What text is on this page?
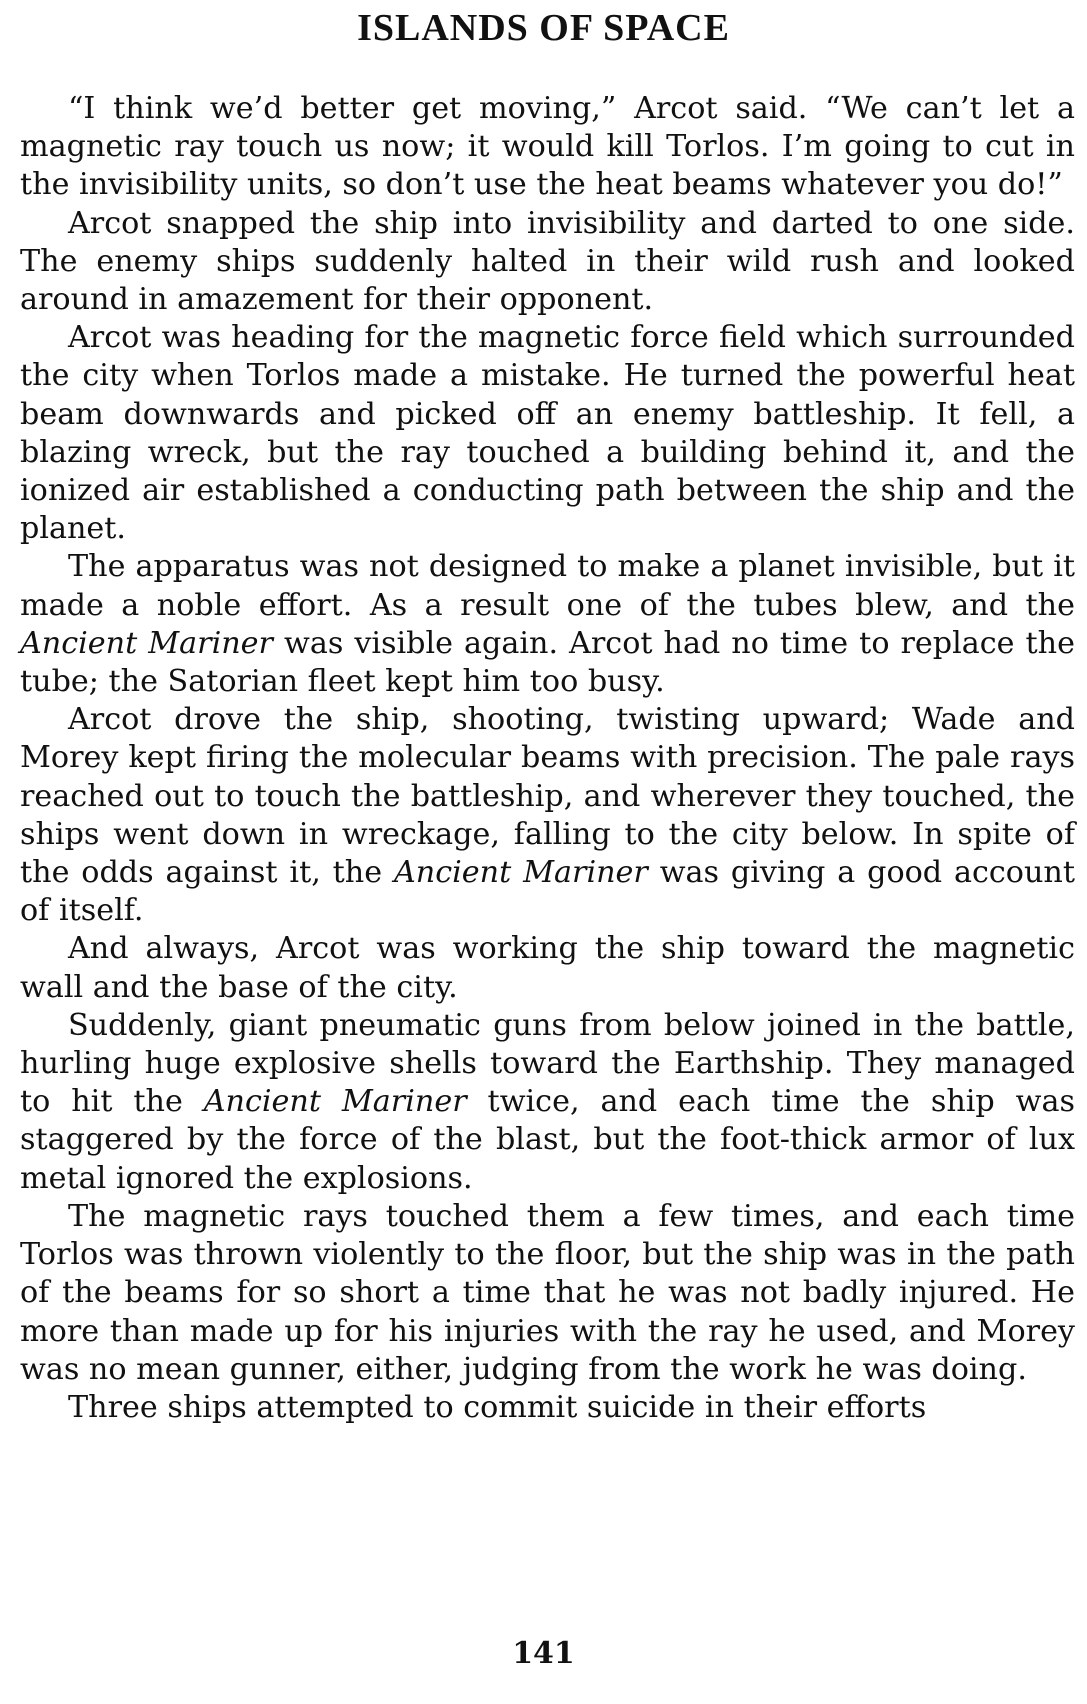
ISLANDS OF SPACE

“I think we’d better get moving,” Arcot said. “We can’t let a magnetic ray touch us now; it would kill Torlos. I’m going to cut in the invisibility units, so don’t use the heat beams whatever you do!”

Arcot snapped the ship into invisibility and darted to one side. The enemy ships suddenly halted in their wild rush and looked around in amazement for their opponent.

Arcot was heading for the magnetic force field which surrounded the city when Torlos made a mistake. He turned the powerful heat beam downwards and picked off an enemy battleship. It fell, a blazing wreck, but the ray touched a building behind it, and the ionized air established a conducting path between the ship and the planet.

The apparatus was not designed to make a planet invisible, but it made a noble effort. As a result one of the tubes blew, and the Ancient Mariner was visible again. Arcot had no time to replace the tube; the Satorian fleet kept him too busy.

Arcot drove the ship, shooting, twisting upward; Wade and Morey kept firing the molecular beams with precision. The pale rays reached out to touch the battleship, and wherever they touched, the ships went down in wreckage, falling to the city below. In spite of the odds against it, the Ancient Mariner was giving a good account of itself.

And always, Arcot was working the ship toward the magnetic wall and the base of the city.

Suddenly, giant pneumatic guns from below joined in the battle, hurling huge explosive shells toward the Earthship. They managed to hit the Ancient Mariner twice, and each time the ship was staggered by the force of the blast, but the foot-thick armor of lux metal ignored the explosions.

The magnetic rays touched them a few times, and each time Torlos was thrown violently to the floor, but the ship was in the path of the beams for so short a time that he was not badly injured. He more than made up for his injuries with the ray he used, and Morey was no mean gunner, either, judging from the work he was doing.

Three ships attempted to commit suicide in their efforts

141
